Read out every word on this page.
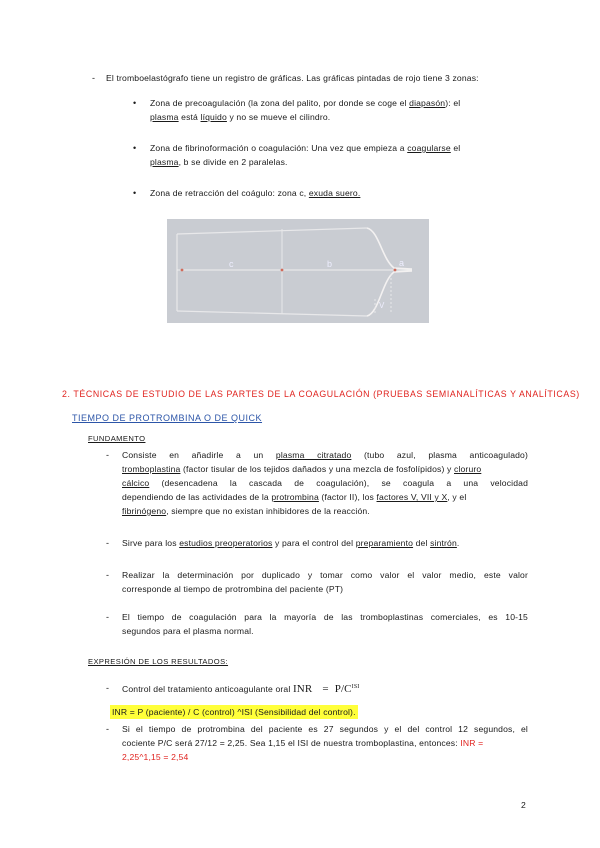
- El tromboelastógrafo tiene un registro de gráficas. Las gráficas pintadas de rojo tiene 3 zonas:
• Zona de precoagulación (la zona del palito, por donde se coge el diapasón): el
plasma está líquido y no se mueve el cilindro.
• Zona de fibrinoformación o coagulación: Una vez que empieza a coagularse el
plasma, b se divide en 2 paralelas.
• Zona de retracción del coágulo: zona c, exuda suero.
c	b	a
V
2. TÉCNICAS DE ESTUDIO DE LAS PARTES DE LA COAGULACIÓN (PRUEBAS SEMIANALÍTICAS Y ANALÍTICAS)
TIEMPO DE PROTROMBINA O DE QUICK
FUNDAMENTO
- Consiste en añadirle a un plasma citratado (tubo azul, plasma anticoagulado)
tromboplastina (factor tisular de los tejidos dañados y una mezcla de fosfolípidos) y cloruro
cálcico (desencadena la cascada de coagulación), se coagula a una velocidad
dependiendo de las actividades de la protrombina (factor II), los factores V, VII y X, y el
fibrinógeno, siempre que no existan inhibidores de la reacción.
- Sirve para los estudios preoperatorios y para el control del preparamiento del sintrón.
- Realizar la determinación por duplicado y tomar como valor el valor medio, este valor
corresponde al tiempo de protrombina del paciente (PT)
- El tiempo de coagulación para la mayoría de las tromboplastinas comerciales, es 10-15
segundos para el plasma normal.
EXPRESIÓN DE LOS RESULTADOS:
- Control del tratamiento anticoagulante oral INR = $P/C^{ISI}$
INR = P (paciente) / C (control) ^ISI (Sensibilidad del control).
- Si el tiempo de protrombina del paciente es 27 segundos y el del control 12 segundos, el
cociente P/C será 27/12 = 2,25. Sea 1,15 el ISI de nuestra tromboplastina, entonces: INR =
2,25^1,15 = 2,54
2
